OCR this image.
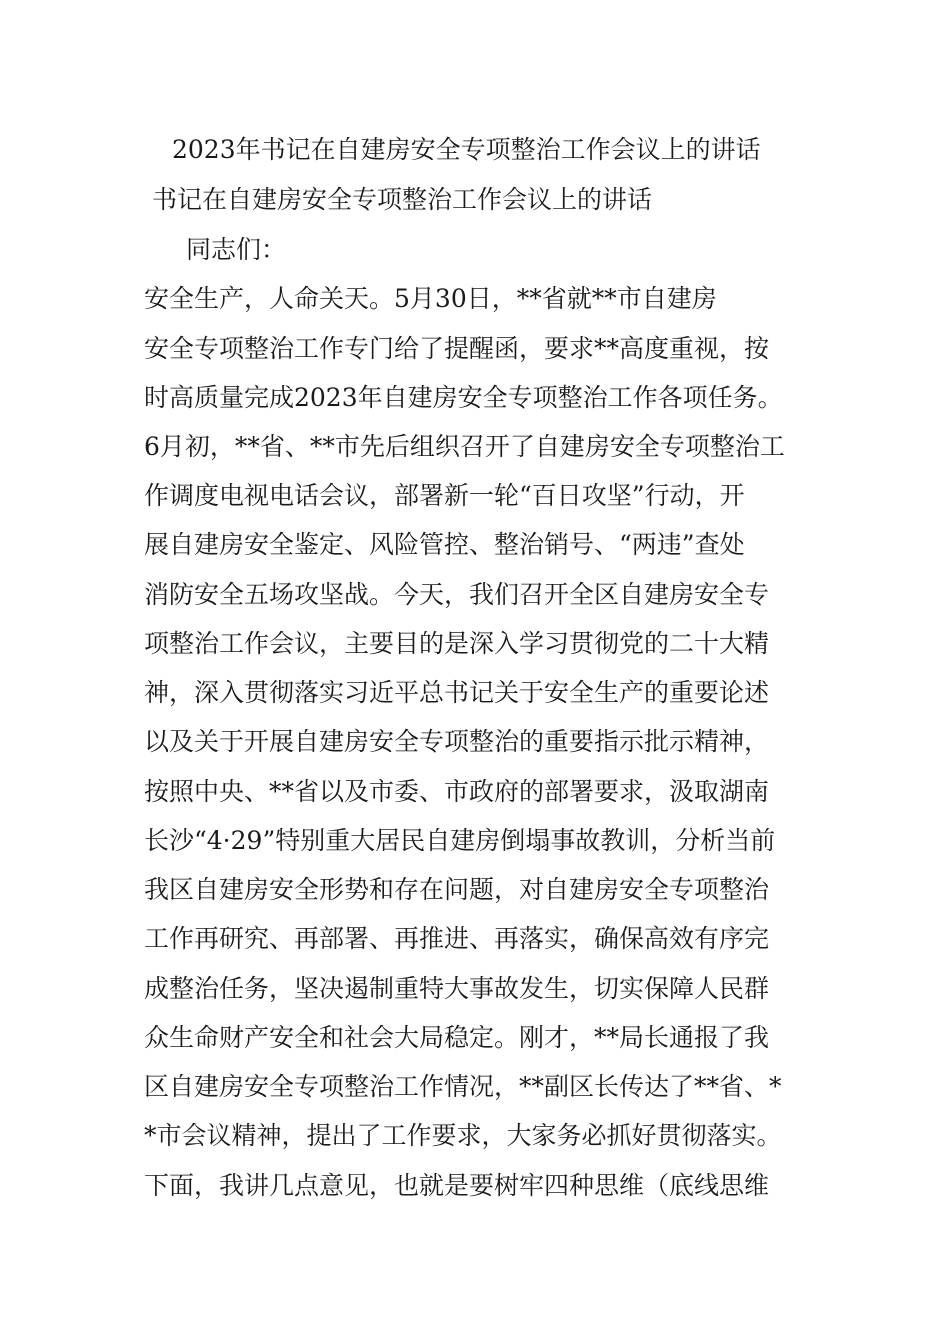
2023年书记在自建房安全专项整治工作会议上的讲话
书记在自建房安全专项整治工作会议上的讲话
同志们：
安全生产，人命关天。5月30日，**省就**市自建房
安全专项整治工作专门给了提醒函，要求**高度重视，按
时高质量完成2023年自建房安全专项整治工作各项任务。
6月初，**省、**市先后组织召开了自建房安全专项整治工
作调度电视电话会议，部署新一轮“百日攻坚”行动，开
展自建房安全鉴定、风险管控、整治销号、“两违”查处
消防安全五场攻坚战。今天，我们召开全区自建房安全专
项整治工作会议，主要目的是深入学习贯彻党的二十大精
神，深入贯彻落实习近平总书记关于安全生产的重要论述
以及关于开展自建房安全专项整治的重要指示批示精神，
按照中央、**省以及市委、市政府的部署要求，汲取湖南
长沙“4·29”特别重大居民自建房倒塌事故教训，分析当前
我区自建房安全形势和存在问题，对自建房安全专项整治
工作再研究、再部署、再推进、再落实，确保高效有序完
成整治任务，坚决遏制重特大事故发生，切实保障人民群
众生命财产安全和社会大局稳定。刚才，**局长通报了我
区自建房安全专项整治工作情况，**副区长传达了**省、*
*市会议精神，提出了工作要求，大家务必抓好贯彻落实。
下面，我讲几点意见，也就是要树牢四种思维（底线思维
